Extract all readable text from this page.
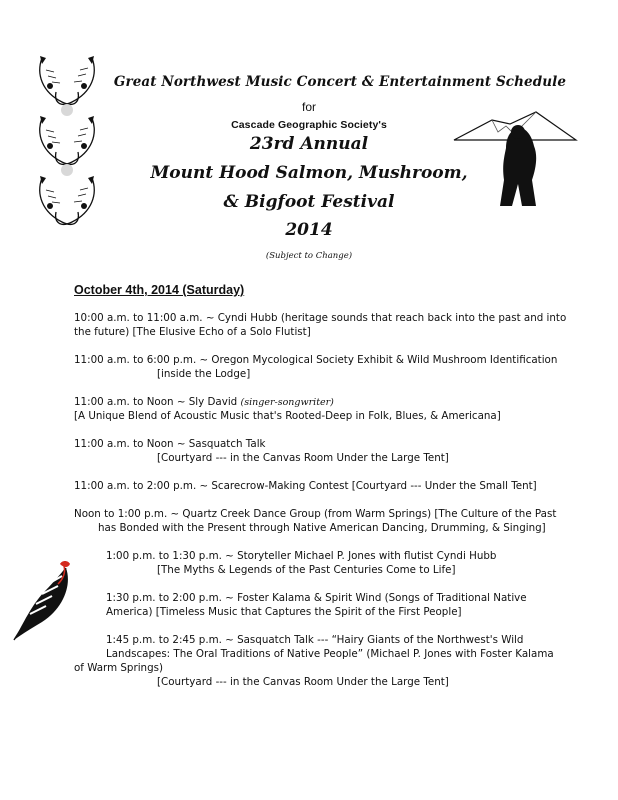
Great Northwest Music Concert & Entertainment Schedule
for
Cascade Geographic Society's
23rd Annual
Mount Hood Salmon, Mushroom,
& Bigfoot Festival
2014
(Subject to Change)
October 4th, 2014 (Saturday)
10:00 a.m. to 11:00 a.m. ~ Cyndi Hubb (heritage sounds that reach back into the past and into
the future) [The Elusive Echo of a Solo Flutist]
11:00 a.m. to 6:00 p.m. ~ Oregon Mycological Society Exhibit & Wild Mushroom Identification
[inside the Lodge]
11:00 a.m. to Noon ~ Sly David (singer-songwriter)
[A Unique Blend of Acoustic Music that's Rooted-Deep in Folk, Blues, & Americana]
11:00 a.m. to Noon ~ Sasquatch Talk
[Courtyard --- in the Canvas Room Under the Large Tent]
11:00 a.m. to 2:00 p.m. ~ Scarecrow-Making Contest [Courtyard --- Under the Small Tent]
Noon to 1:00 p.m. ~ Quartz Creek Dance Group (from Warm Springs) [The Culture of the Past
has Bonded with the Present through Native American Dancing, Drumming, & Singing]
1:00 p.m. to 1:30 p.m. ~ Storyteller Michael P. Jones with flutist Cyndi Hubb
[The Myths & Legends of the Past Centuries Come to Life]
1:30 p.m. to 2:00 p.m. ~ Foster Kalama & Spirit Wind (Songs of Traditional Native
America) [Timeless Music that Captures the Spirit of the First People]
1:45 p.m. to 2:45 p.m. ~ Sasquatch Talk --- “Hairy Giants of the Northwest's Wild
Landscapes: The Oral Traditions of Native People” (Michael P. Jones with Foster Kalama
of Warm Springs)
[Courtyard --- in the Canvas Room Under the Large Tent]
